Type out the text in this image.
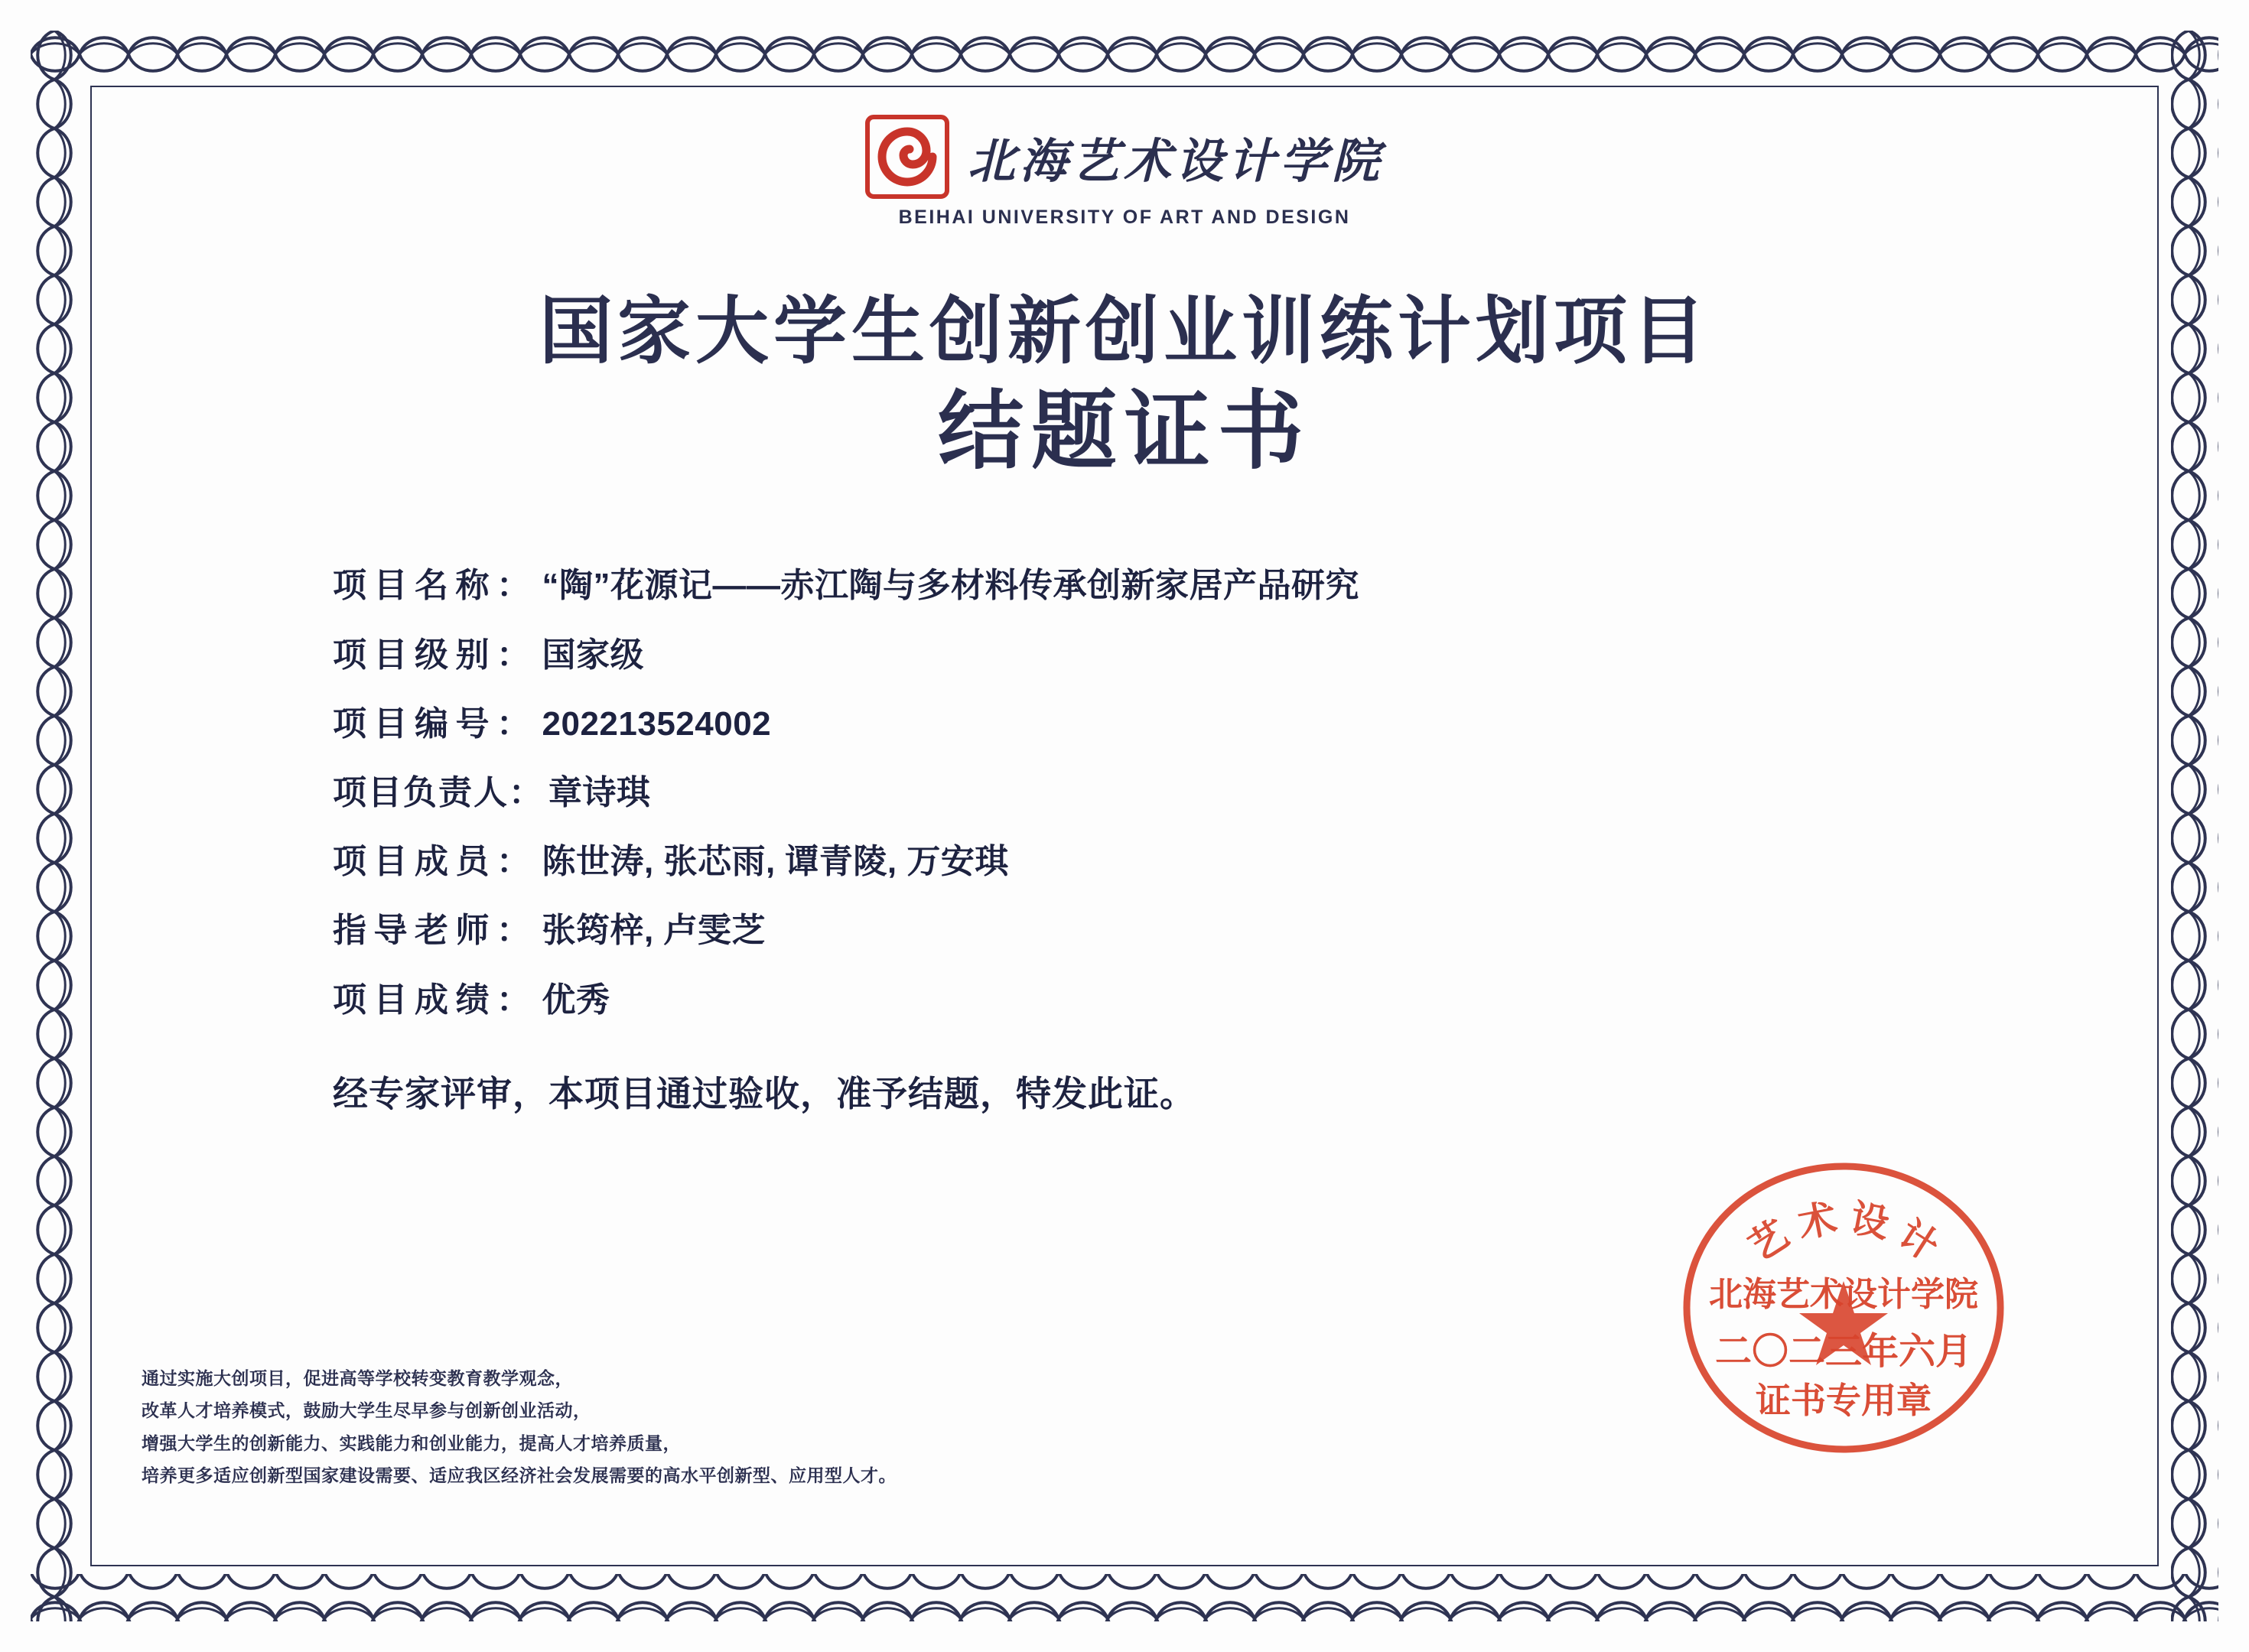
北海艺术设计学院
BEIHAI UNIVERSITY OF ART AND DESIGN
国家大学生创新创业训练计划项目
结题证书
项目名称： “陶”花源记——赤江陶与多材料传承创新家居产品研究
项目级别： 国家级
项目编号： 202213524002
项目负责人： 章诗琪
项目成员： 陈世涛, 张芯雨, 谭青陵, 万安琪
指导老师： 张筠梓, 卢雯芝
项目成绩： 优秀
经专家评审，本项目通过验收，准予结题，特发此证。
通过实施大创项目，促进高等学校转变教育教学观念，
改革人才培养模式，鼓励大学生尽早参与创新创业活动，
增强大学生的创新能力、实践能力和创业能力，提高人才培养质量，
培养更多适应创新型国家建设需要、适应我区经济社会发展需要的高水平创新型、应用型人才。
艺 术 设 计
北海艺术设计学院
二〇二三年六月
证书专用章
